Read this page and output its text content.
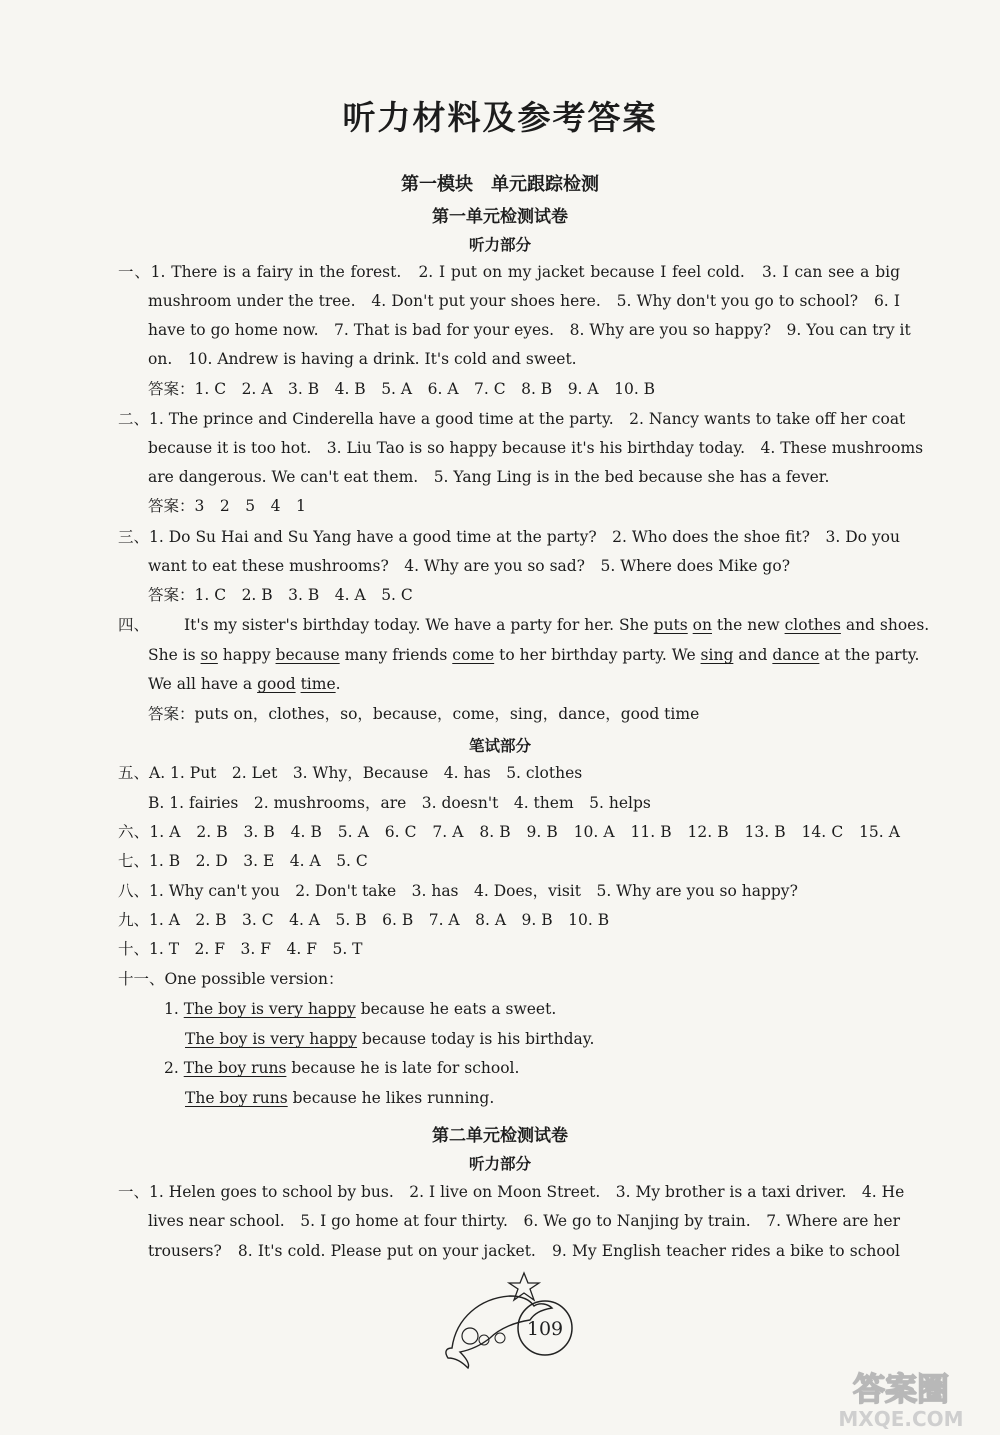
听力材料及参考答案
第一模块　单元跟踪检测
第一单元检测试卷
听力部分
一、1. There is a fairy in the forest.　2. I put on my jacket because I feel cold.　3. I can see a big
mushroom under the tree.　4. Don't put your shoes here.　5. Why don't you go to school?　6. I
have to go home now.　7. That is bad for your eyes.　8. Why are you so happy?　9. You can try it
on.　10. Andrew is having a drink. It's cold and sweet.
答案：1. C　2. A　3. B　4. B　5. A　6. A　7. C　8. B　9. A　10. B
二、1. The prince and Cinderella have a good time at the party.　2. Nancy wants to take off her coat
because it is too hot.　3. Liu Tao is so happy because it's his birthday today.　4. These mushrooms
are dangerous. We can't eat them.　5. Yang Ling is in the bed because she has a fever.
答案：3　2　5　4　1
三、1. Do Su Hai and Su Yang have a good time at the party?　2. Who does the shoe fit?　3. Do you
want to eat these mushrooms?　4. Why are you so sad?　5. Where does Mike go?
答案：1. C　2. B　3. B　4. A　5. C
四、 It's my sister's birthday today. We have a party for her. She puts on the new clothes and shoes.
She is so happy because many friends come to her birthday party. We sing and dance at the party.
We all have a good time.
答案：puts on，clothes，so，because，come，sing，dance，good time
笔试部分
五、A. 1. Put　2. Let　3. Why，Because　4. has　5. clothes
B. 1. fairies　2. mushrooms，are　3. doesn't　4. them　5. helps
六、1. A　2. B　3. B　4. B　5. A　6. C　7. A　8. B　9. B　10. A　11. B　12. B　13. B　14. C　15. A
七、1. B　2. D　3. E　4. A　5. C
八、1. Why can't you　2. Don't take　3. has　4. Does，visit　5. Why are you so happy?
九、1. A　2. B　3. C　4. A　5. B　6. B　7. A　8. A　9. B　10. B
十、1. T　2. F　3. F　4. F　5. T
十一、One possible version：
1. The boy is very happy because he eats a sweet.
The boy is very happy because today is his birthday.
2. The boy runs because he is late for school.
The boy runs because he likes running.
第二单元检测试卷
听力部分
一、1. Helen goes to school by bus.　2. I live on Moon Street.　3. My brother is a taxi driver.　4. He
lives near school.　5. I go home at four thirty.　6. We go to Nanjing by train.　7. Where are her
trousers?　8. It's cold. Please put on your jacket.　9. My English teacher rides a bike to school
109
答案圈
MXQE.COM
